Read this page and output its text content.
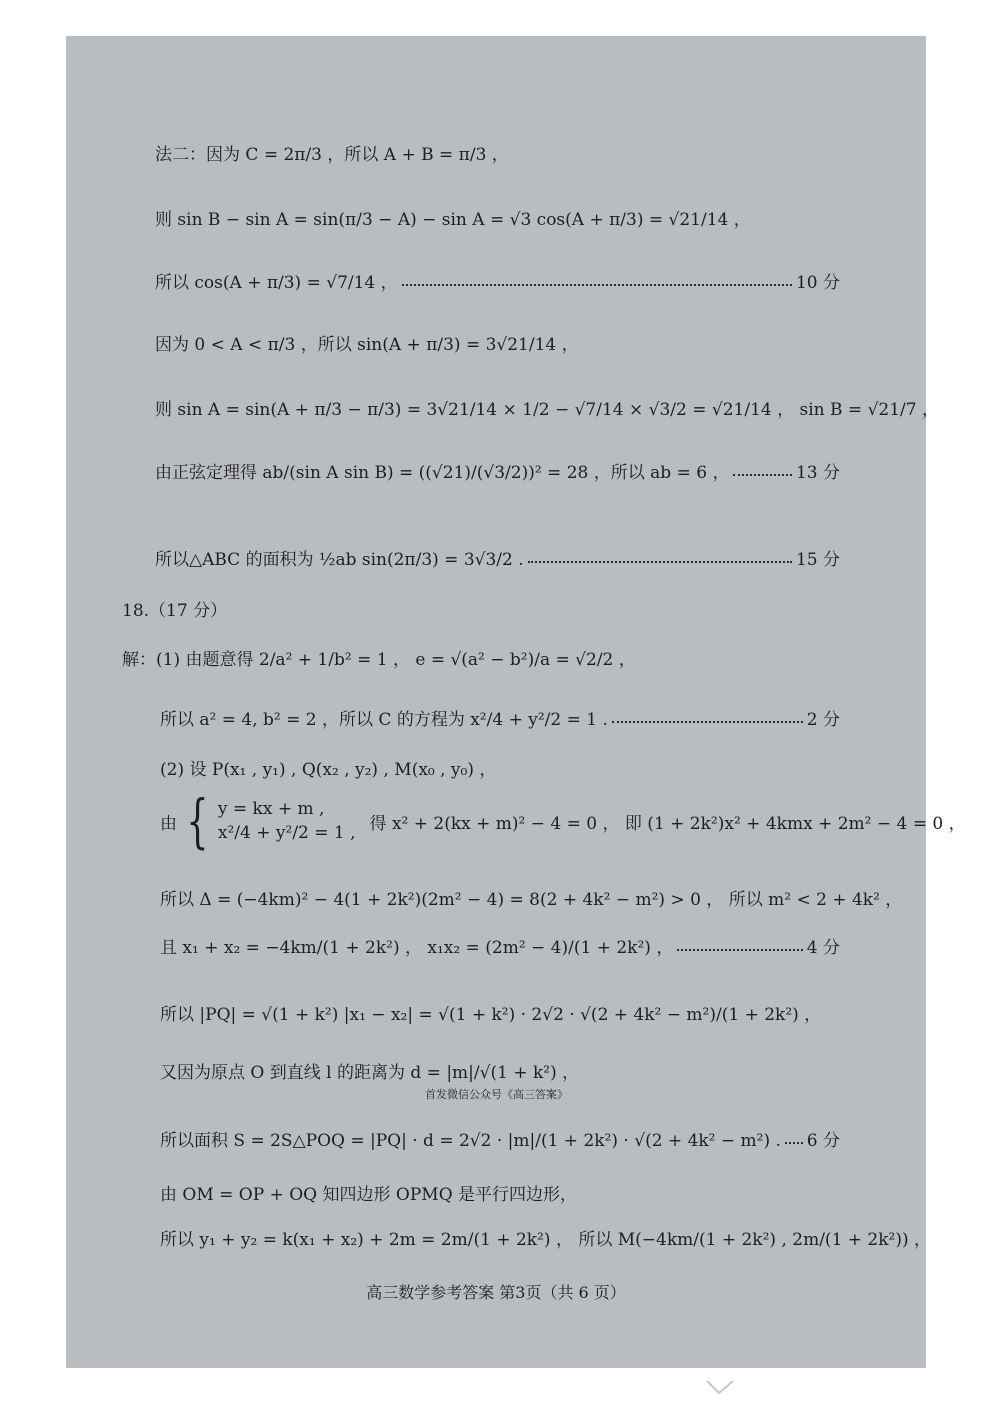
法二：因为 C = 2π/3 ，所以 A + B = π/3 ，
则 sin B − sin A = sin(π/3 − A) − sin A = √3 cos(A + π/3) = √21/14 ，
所以 cos(A + π/3) = √7/14 ，	10 分
因为 0 < A < π/3 ，所以 sin(A + π/3) = 3√21/14 ，
则 sin A = sin(A + π/3 − π/3) = 3√21/14 × 1/2 − √7/14 × √3/2 = √21/14 ， sin B = √21/7 ，
由正弦定理得 ab/(sin A sin B) = ((√21)/(√3/2))² = 28 ，所以 ab = 6 ，	13 分
所以△ABC 的面积为 ½ab sin(2π/3) = 3√3/2 .	15 分
18.（17 分）
解：(1) 由题意得 2/a² + 1/b² = 1 ， e = √(a² − b²)/a = √2/2 ，
所以 a² = 4, b² = 2 ，所以 C 的方程为 x²/4 + y²/2 = 1 .	2 分
(2) 设 P(x₁ , y₁) , Q(x₂ , y₂) , M(x₀ , y₀) ，
由 { y = kx + m ,
x²/4 + y²/2 = 1 , 得 x² + 2(kx + m)² − 4 = 0 ， 即 (1 + 2k²)x² + 4kmx + 2m² − 4 = 0 ，
所以 Δ = (−4km)² − 4(1 + 2k²)(2m² − 4) = 8(2 + 4k² − m²) > 0 ， 所以 m² < 2 + 4k² ，
且 x₁ + x₂ = −4km/(1 + 2k²) ， x₁x₂ = (2m² − 4)/(1 + 2k²) ，	4 分
所以 |PQ| = √(1 + k²) |x₁ − x₂| = √(1 + k²) · 2√2 · √(2 + 4k² − m²)/(1 + 2k²) ，
又因为原点 O 到直线 l 的距离为 d = |m|/√(1 + k²) ，
首发微信公众号《高三答案》
所以面积 S = 2S△POQ = |PQ| · d = 2√2 · |m|/(1 + 2k²) · √(2 + 4k² − m²) . 6 分
由 OM = OP + OQ 知四边形 OPMQ 是平行四边形，
所以 y₁ + y₂ = k(x₁ + x₂) + 2m = 2m/(1 + 2k²) ， 所以 M(−4km/(1 + 2k²) , 2m/(1 + 2k²)) ，
高三数学参考答案 第3页（共 6 页）
